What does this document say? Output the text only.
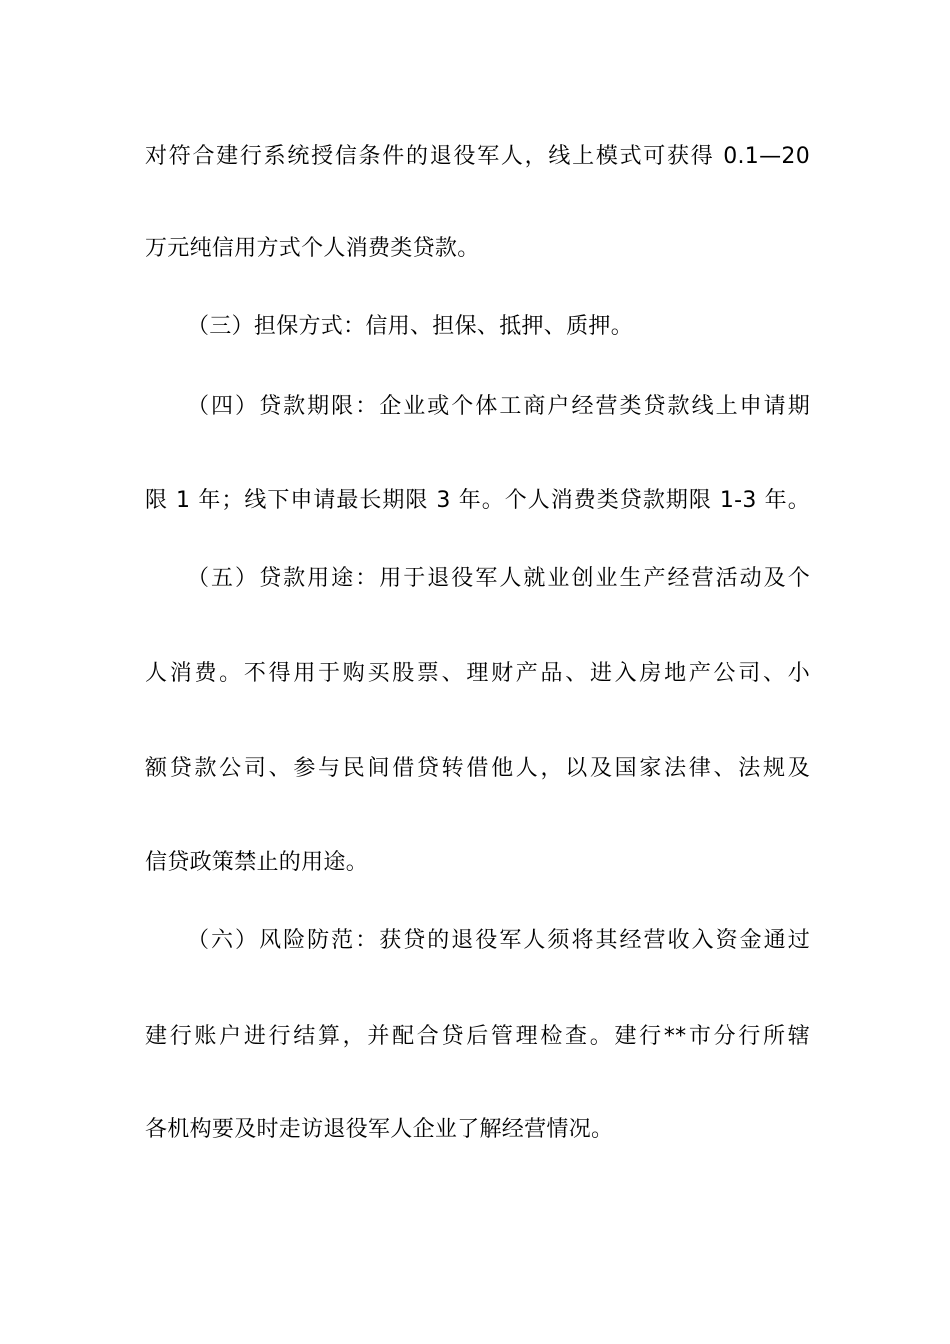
对符合建行系统授信条件的退役军人，线上模式可获得 0.1—20
万元纯信用方式个人消费类贷款。
（三）担保方式：信用、担保、抵押、质押。
（四）贷款期限：企业或个体工商户经营类贷款线上申请期
限 1 年；线下申请最长期限 3 年。个人消费类贷款期限 1-3 年。
（五）贷款用途：用于退役军人就业创业生产经营活动及个
人消费。不得用于购买股票、理财产品、进入房地产公司、小
额贷款公司、参与民间借贷转借他人，以及国家法律、法规及
信贷政策禁止的用途。
（六）风险防范：获贷的退役军人须将其经营收入资金通过
建行账户进行结算，并配合贷后管理检查。建行**市分行所辖
各机构要及时走访退役军人企业了解经营情况。
